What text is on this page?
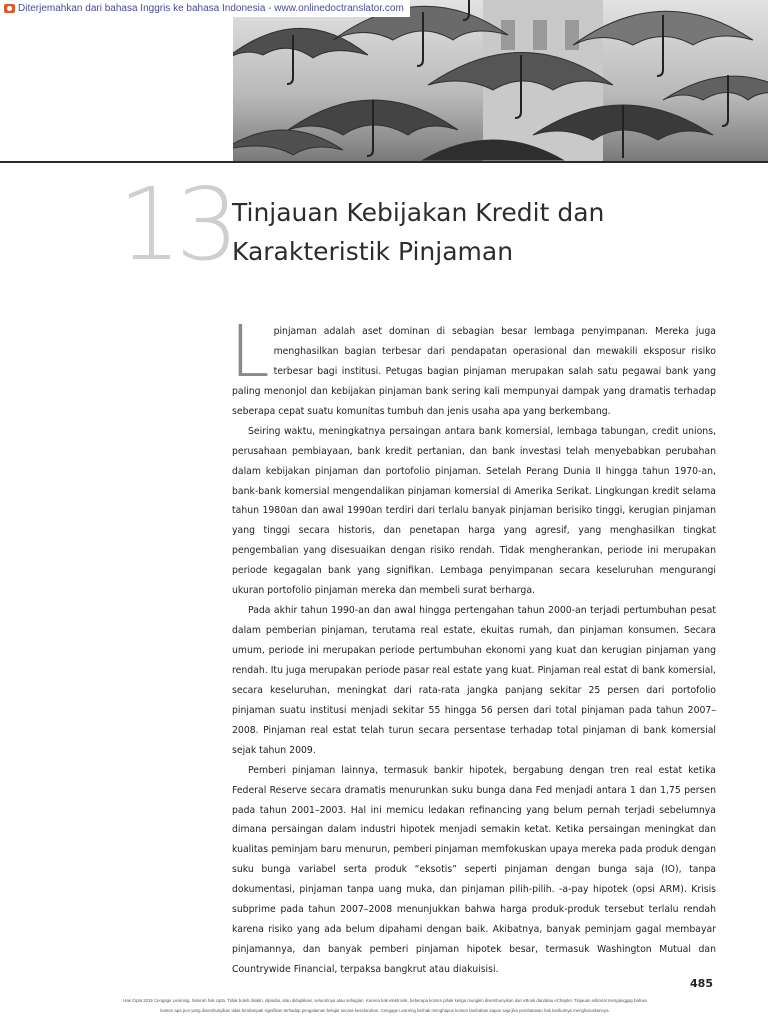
Diterjemahkan dari bahasa Inggris ke bahasa Indonesia - www.onlinedoctranslator.com
13
Tinjauan Kebijakan Kredit dan
Karakteristik Pinjaman

Lpinjaman adalah aset dominan di sebagian besar lembaga penyimpanan. Mereka juga menghasilkan bagian terbesar dari pendapatan operasional dan mewakili eksposur risiko terbesar bagi institusi. Petugas bagian pinjaman merupakan salah satu pegawai bank yang paling menonjol dan kebijakan pinjaman bank sering kali mempunyai dampak yang dramatis terhadap seberapa cepat suatu komunitas tumbuh dan jenis usaha apa yang berkembang.

Seiring waktu, meningkatnya persaingan antara bank komersial, lembaga tabungan, credit unions, perusahaan pembiayaan, bank kredit pertanian, dan bank investasi telah menyebabkan perubahan dalam kebijakan pinjaman dan portofolio pinjaman. Setelah Perang Dunia II hingga tahun 1970-an, bank-bank komersial mengendalikan pinjaman komersial di Amerika Serikat. Lingkungan kredit selama tahun 1980an dan awal 1990an terdiri dari terlalu banyak pinjaman berisiko tinggi, kerugian pinjaman yang tinggi secara historis, dan penetapan harga yang agresif, yang menghasilkan tingkat pengembalian yang disesuaikan dengan risiko rendah. Tidak mengherankan, periode ini merupakan periode kegagalan bank yang signifikan. Lembaga penyimpanan secara keseluruhan mengurangi ukuran portofolio pinjaman mereka dan membeli surat berharga.

Pada akhir tahun 1990-an dan awal hingga pertengahan tahun 2000-an terjadi pertumbuhan pesat dalam pemberian pinjaman, terutama real estate, ekuitas rumah, dan pinjaman konsumen. Secara umum, periode ini merupakan periode pertumbuhan ekonomi yang kuat dan kerugian pinjaman yang rendah. Itu juga merupakan periode pasar real estate yang kuat. Pinjaman real estat di bank komersial, secara keseluruhan, meningkat dari rata-rata jangka panjang sekitar 25 persen dari portofolio pinjaman suatu institusi menjadi sekitar 55 hingga 56 persen dari total pinjaman pada tahun 2007–2008. Pinjaman real estat telah turun secara persentase terhadap total pinjaman di bank komersial sejak tahun 2009.

Pemberi pinjaman lainnya, termasuk bankir hipotek, bergabung dengan tren real estat ketika Federal Reserve secara dramatis menurunkan suku bunga dana Fed menjadi antara 1 dan 1,75 persen pada tahun 2001–2003. Hal ini memicu ledakan refinancing yang belum pernah terjadi sebelumnya dimana persaingan dalam industri hipotek menjadi semakin ketat. Ketika persaingan meningkat dan kualitas peminjam baru menurun, pemberi pinjaman memfokuskan upaya mereka pada produk dengan suku bunga variabel serta produk “eksotis” seperti pinjaman dengan bunga saja (IO), tanpa dokumentasi, pinjaman tanpa uang muka, dan pinjaman pilih-pilih. -a-pay hipotek (opsi ARM). Krisis subprime pada tahun 2007–2008 menunjukkan bahwa harga produk-produk tersebut terlalu rendah karena risiko yang ada belum dipahami dengan baik. Akibatnya, banyak peminjam gagal membayar pinjamannya, dan banyak pemberi pinjaman hipotek besar, termasuk Washington Mutual dan Countrywide Financial, terpaksa bangkrut atau diakuisisi.

485
Hak Cipta 2015 Cengage Learning. Seluruh hak cipta. Tidak boleh disalin, dipindai, atau diduplikasi, seluruhnya atau sebagian. Karena hak elektronik, beberapa konten pihak ketiga mungkin disembunyikan dari eBook dan/atau eChapter. Tinjauan editorial menganggap bahwa
konten apa pun yang disembunyikan tidak berdampak signifikan terhadap pengalaman belajar secara keseluruhan. Cengage Learning berhak menghapus konten tambahan kapan saja jika pembatasan hak berikutnya mengharuskannya.
